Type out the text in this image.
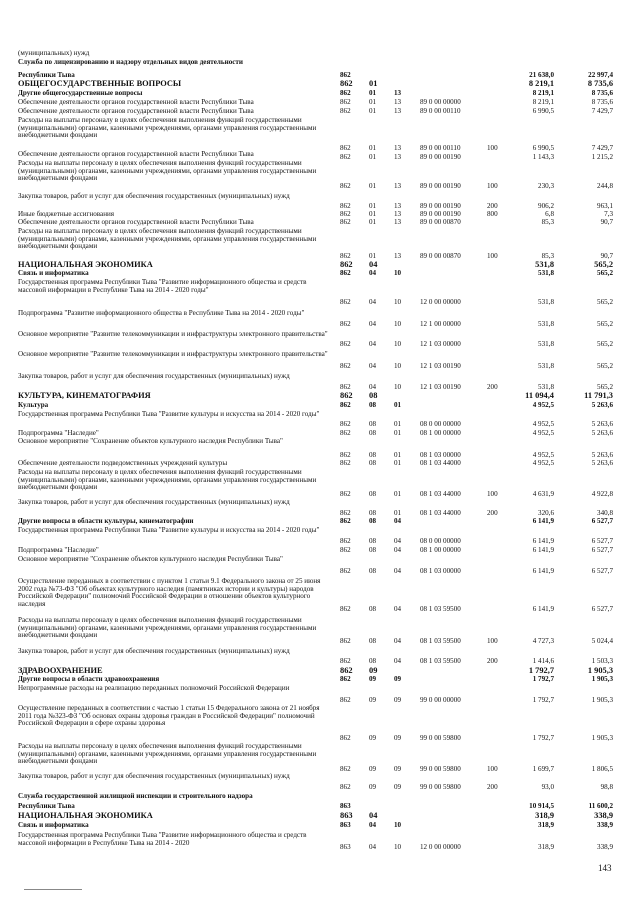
(муниципальных) нужд
Служба по лицензированию и надзору отдельных видов деятельности
Республики Тыва	862	21 638,0	22 997,4
ОБЩЕГОСУДАРСТВЕННЫЕ ВОПРОСЫ	862 01	8 219,1	8 735,6
Другие общегосударственные вопросы	862	01	13	8 219,1	8 735,6
Обеспечение деятельности органов государственной власти Республики Тыва	862	01	13	89 0 00 00000	8 219,1	8 735,6
Обеспечение деятельности органов государственной власти Республики Тыва	862	01	13	89 0 00 00110	6 990,5	7 429,7
Расходы на выплаты персоналу в целях обеспечения выполнения функций государственными (муниципальными) органами, казенными учреждениями, органами управления государственными внебюджетными фондами
862	01	13	89 0 00 00110	100	6 990,5	7 429,7
Обеспечение деятельности органов государственной власти Республики Тыва	862	01	13	89 0 00 00190	1 143,3	1 215,2
Расходы на выплаты персоналу в целях обеспечения выполнения функций государственными (муниципальными) органами, казенными учреждениями, органами управления государственными внебюджетными фондами
862	01	13	89 0 00 00190	100	230,3	244,8
Закупка товаров, работ и услуг для обеспечения государственных (муниципальных) нужд
862	01	13	89 0 00 00190	200	906,2	963,1
Иные бюджетные ассигнования	862	01	13	89 0 00 00190	800	6,8	7,3
Обеспечение деятельности органов государственной власти Республики Тыва	862	01	13	89 0 00 00870	85,3	90,7
Расходы на выплаты персоналу в целях обеспечения выполнения функций государственными (муниципальными) органами, казенными учреждениями, органами управления государственными внебюджетными фондами
862	01	13	89 0 00 00870	100	85,3	90,7
НАЦИОНАЛЬНАЯ ЭКОНОМИКА	862 04	531,8	565,2
Связь и информатика	862	04	10	531,8	565,2
Государственная программа Республики Тыва "Развитие информационного общества и средств массовой информации в Республике Тыва на 2014 - 2020 годы"
862	04	10	12 0 00 00000	531,8	565,2
Подпрограмма "Развитие информационного общества в Республике Тыва на 2014 - 2020 годы"
862	04	10	12 1 00 00000	531,8	565,2
Основное мероприятие "Развитие телекоммуникации и инфраструктуры электронного правительства"
862	04	10	12 1 03 00000	531,8	565,2
Основное мероприятие "Развитие телекоммуникации и инфраструктуры электронного правительства"
862	04	10	12 1 03 00190	531,8	565,2
Закупка товаров, работ и услуг для обеспечения государственных (муниципальных) нужд
862	04	10	12 1 03 00190	200	531,8	565,2
КУЛЬТУРА, КИНЕМАТОГРАФИЯ	862 08	11 094,4	11 791,3
Культура	862	08	01	4 952,5	5 263,6
Государственная программа Республики Тыва "Развитие культуры и искусства на 2014 - 2020 годы"
862	08	01	08 0 00 00000	4 952,5	5 263,6
Подпрограмма "Наследие"	862	08	01	08 1 00 00000	4 952,5	5 263,6
Основное мероприятие "Сохранение объектов культурного наследия Республики Тыва"
862	08	01	08 1 03 00000	4 952,5	5 263,6
Обеспечение деятельности подведомственных учреждений культуры	862	08	01	08 1 03 44000	4 952,5	5 263,6
Расходы на выплаты персоналу в целях обеспечения выполнения функций государственными (муниципальными) органами, казенными учреждениями, органами управления государственными внебюджетными фондами
862	08	01	08 1 03 44000	100	4 631,9	4 922,8
Закупка товаров, работ и услуг для обеспечения государственных (муниципальных) нужд
862	08	01	08 1 03 44000	200	320,6	340,8
Другие вопросы в области культуры, кинематографии	862	08	04	6 141,9	6 527,7
Государственная программа Республики Тыва "Развитие культуры и искусства на 2014 - 2020 годы"
862	08	04	08 0 00 00000	6 141,9	6 527,7
Подпрограмма "Наследие"	862	08	04	08 1 00 00000	6 141,9	6 527,7
Основное мероприятие "Сохранение объектов культурного наследия Республики Тыва"
862	08	04	08 1 03 00000	6 141,9	6 527,7
Осуществление переданных в соответствии с пунктом 1 статьи 9.1 Федерального закона от 25 июня 2002 года №73-ФЗ "Об объектах культурного наследия (памятниках истории и культуры) народов Российской Федерации" полномочий Российской Федерации в отношении объектов культурного наследия
862	08	04	08 1 03 59500	6 141,9	6 527,7
Расходы на выплаты персоналу в целях обеспечения выполнения функций государственными (муниципальными) органами, казенными учреждениями, органами управления государственными внебюджетными фондами
862	08	04	08 1 03 59500	100	4 727,3	5 024,4
Закупка товаров, работ и услуг для обеспечения государственных (муниципальных) нужд
862	08	04	08 1 03 59500	200	1 414,6	1 503,3
ЗДРАВООХРАНЕНИЕ	862 09	1 792,7	1 905,3
Другие вопросы в области здравоохранения	862	09	09	1 792,7	1 905,3
Непрограммные расходы на реализацию переданных полномочий Российской Федерации
862	09	09	99 0 00 00000	1 792,7	1 905,3
Осуществление переданных в соответствии с частью 1 статьи 15 Федерального закона от 21 ноября 2011 года №323-ФЗ "Об основах охраны здоровья граждан в Российской Федерации" полномочий Российской Федерации в сфере охраны здоровья
862	09	09	99 0 00 59800	1 792,7	1 905,3
Расходы на выплаты персоналу в целях обеспечения выполнения функций государственными (муниципальными) органами, казенными учреждениями, органами управления государственными внебюджетными фондами
862	09	09	99 0 00 59800	100	1 699,7	1 806,5
Закупка товаров, работ и услуг для обеспечения государственных (муниципальных) нужд
862	09	09	99 0 00 59800	200	93,0	98,8
Служба государственной жилищной инспекции и строительного надзора
Республики Тыва	863	10 914,5	11 600,2
НАЦИОНАЛЬНАЯ ЭКОНОМИКА	863 04	318,9	338,9
Связь и информатика	863	04	10	318,9	338,9
Государственная программа Республики Тыва "Развитие информационного общества и средств массовой информации в Республике Тыва на 2014 - 2020
863	04	10	12 0 00 00000	318,9	338,9
143
